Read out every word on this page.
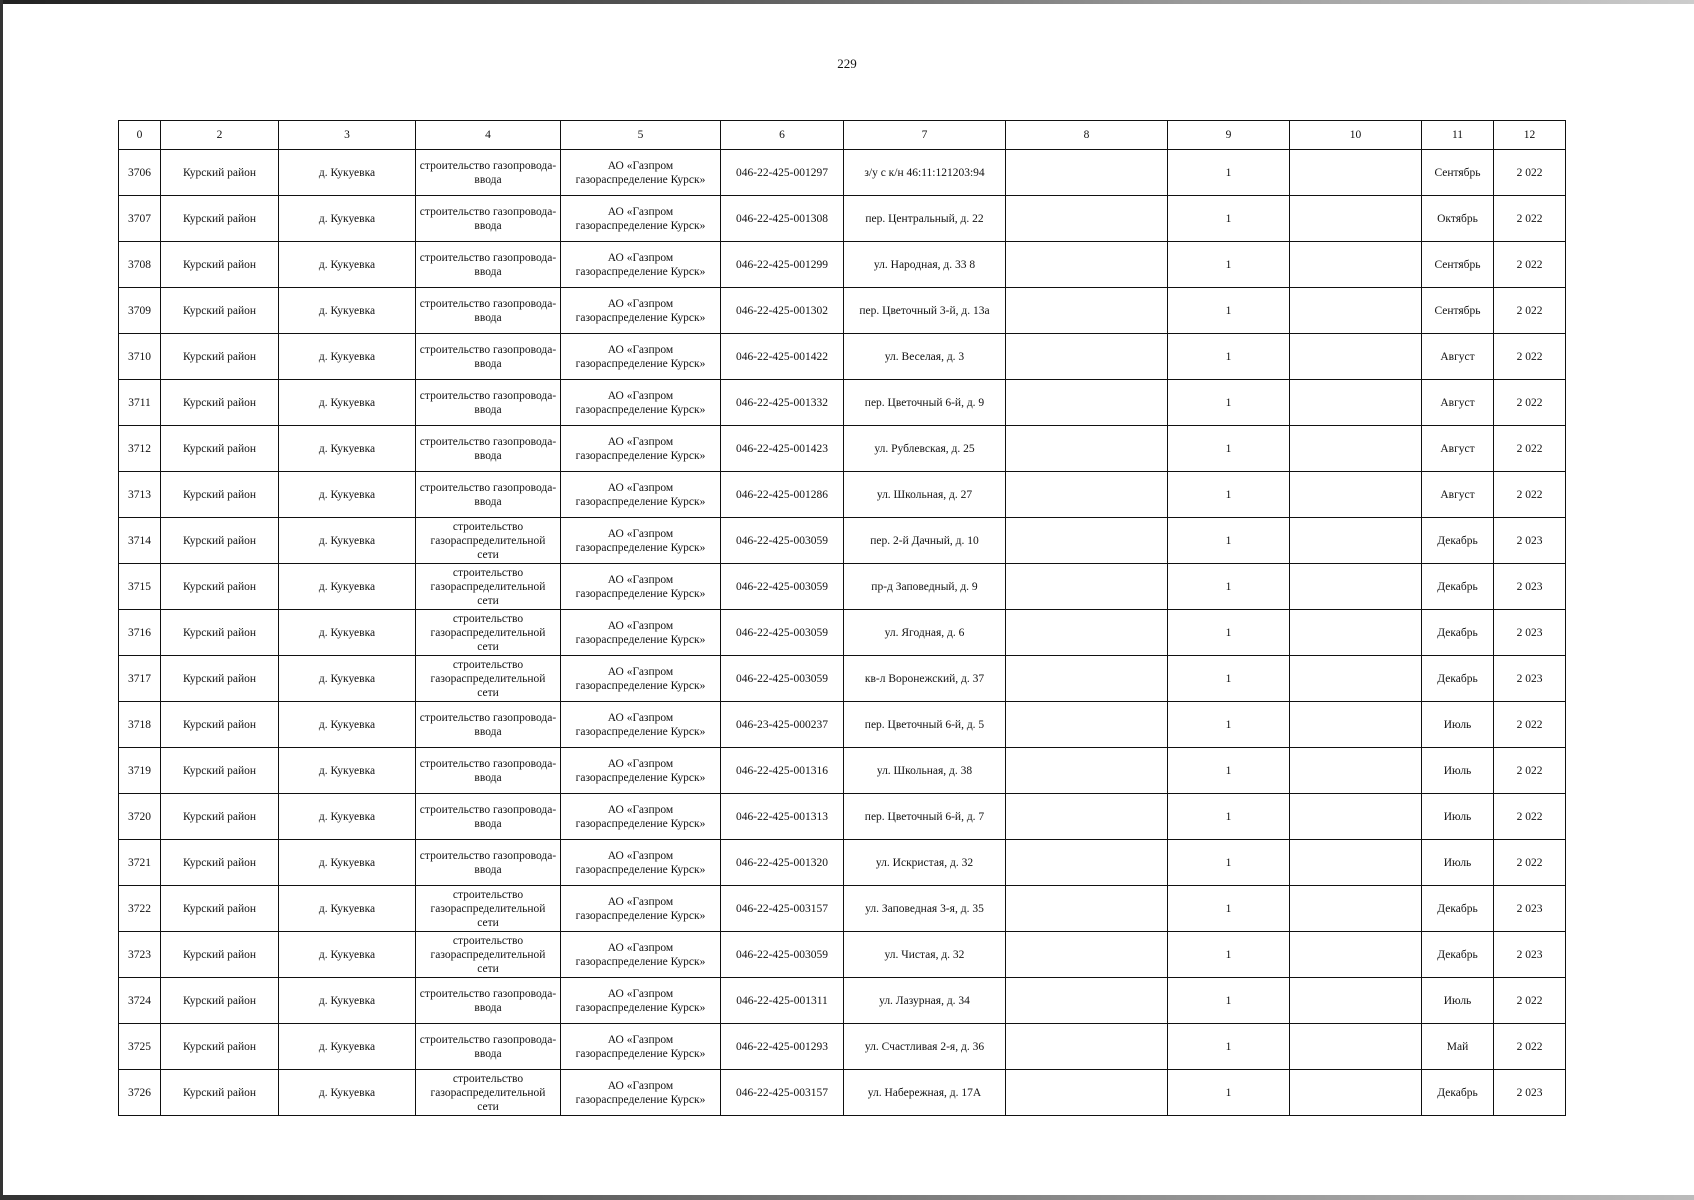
229
0	2	3	4	5	6	7	8	9	10	11	12
3706	Курский район	д. Кукуевка	строительство газопровода-ввода	АО «Газпром газораспределение Курск»	046-22-425-001297	з/у с к/н 46:11:121203:94		1		Сентябрь	2 022
3707	Курский район	д. Кукуевка	строительство газопровода-ввода	АО «Газпром газораспределение Курск»	046-22-425-001308	пер. Центральный, д. 22		1		Октябрь	2 022
3708	Курский район	д. Кукуевка	строительство газопровода-ввода	АО «Газпром газораспределение Курск»	046-22-425-001299	ул. Народная, д. 33 8		1		Сентябрь	2 022
3709	Курский район	д. Кукуевка	строительство газопровода-ввода	АО «Газпром газораспределение Курск»	046-22-425-001302	пер. Цветочный 3-й, д. 13а		1		Сентябрь	2 022
3710	Курский район	д. Кукуевка	строительство газопровода-ввода	АО «Газпром газораспределение Курск»	046-22-425-001422	ул. Веселая, д. 3		1		Август	2 022
3711	Курский район	д. Кукуевка	строительство газопровода-ввода	АО «Газпром газораспределение Курск»	046-22-425-001332	пер. Цветочный 6-й, д. 9		1		Август	2 022
3712	Курский район	д. Кукуевка	строительство газопровода-ввода	АО «Газпром газораспределение Курск»	046-22-425-001423	ул. Рублевская, д. 25		1		Август	2 022
3713	Курский район	д. Кукуевка	строительство газопровода-ввода	АО «Газпром газораспределение Курск»	046-22-425-001286	ул. Школьная, д. 27		1		Август	2 022
3714	Курский район	д. Кукуевка	строительство газораспределительной сети	АО «Газпром газораспределение Курск»	046-22-425-003059	пер. 2-й Дачный, д. 10		1		Декабрь	2 023
3715	Курский район	д. Кукуевка	строительство газораспределительной сети	АО «Газпром газораспределение Курск»	046-22-425-003059	пр-д Заповедный, д. 9		1		Декабрь	2 023
3716	Курский район	д. Кукуевка	строительство газораспределительной сети	АО «Газпром газораспределение Курск»	046-22-425-003059	ул. Ягодная, д. 6		1		Декабрь	2 023
3717	Курский район	д. Кукуевка	строительство газораспределительной сети	АО «Газпром газораспределение Курск»	046-22-425-003059	кв-л Воронежский, д. 37		1		Декабрь	2 023
3718	Курский район	д. Кукуевка	строительство газопровода-ввода	АО «Газпром газораспределение Курск»	046-23-425-000237	пер. Цветочный 6-й, д. 5		1		Июль	2 022
3719	Курский район	д. Кукуевка	строительство газопровода-ввода	АО «Газпром газораспределение Курск»	046-22-425-001316	ул. Школьная, д. 38		1		Июль	2 022
3720	Курский район	д. Кукуевка	строительство газопровода-ввода	АО «Газпром газораспределение Курск»	046-22-425-001313	пер. Цветочный 6-й, д. 7		1		Июль	2 022
3721	Курский район	д. Кукуевка	строительство газопровода-ввода	АО «Газпром газораспределение Курск»	046-22-425-001320	ул. Искристая, д. 32		1		Июль	2 022
3722	Курский район	д. Кукуевка	строительство газораспределительной сети	АО «Газпром газораспределение Курск»	046-22-425-003157	ул. Заповедная 3-я, д. 35		1		Декабрь	2 023
3723	Курский район	д. Кукуевка	строительство газораспределительной сети	АО «Газпром газораспределение Курск»	046-22-425-003059	ул. Чистая, д. 32		1		Декабрь	2 023
3724	Курский район	д. Кукуевка	строительство газопровода-ввода	АО «Газпром газораспределение Курск»	046-22-425-001311	ул. Лазурная, д. 34		1		Июль	2 022
3725	Курский район	д. Кукуевка	строительство газопровода-ввода	АО «Газпром газораспределение Курск»	046-22-425-001293	ул. Счастливая 2-я, д. 36		1		Май	2 022
3726	Курский район	д. Кукуевка	строительство газораспределительной сети	АО «Газпром газораспределение Курск»	046-22-425-003157	ул. Набережная, д. 17А		1		Декабрь	2 023
